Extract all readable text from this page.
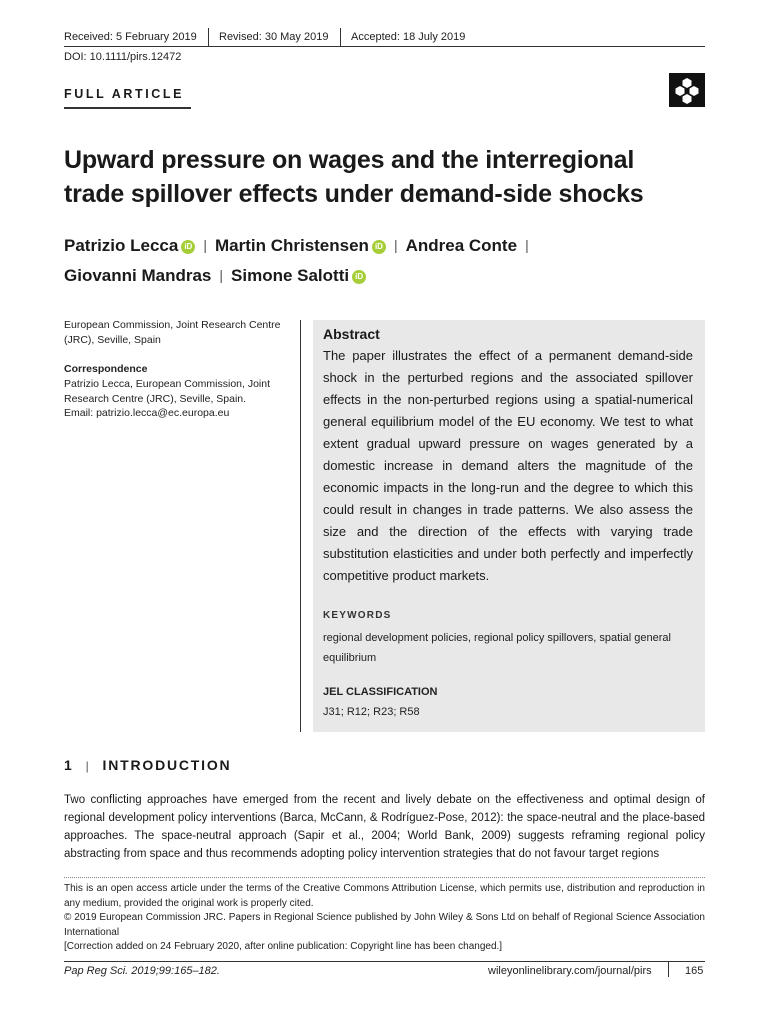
Received: 5 February 2019 Revised: 30 May 2019 Accepted: 18 July 2019
DOI: 10.1111/pirs.12472
FULL ARTICLE
Upward pressure on wages and the interregional
trade spillover effects under demand-side shocks
Patrizio Lecca iD | Martin Christensen iD | Andrea Conte |
Giovanni Mandras | Simone Salotti iD
European Commission, Joint Research Centre (JRC), Seville, Spain
Correspondence
Patrizio Lecca, European Commission, Joint Research Centre (JRC), Seville, Spain.
Email: patrizio.lecca@ec.europa.eu
Abstract
The paper illustrates the effect of a permanent demand-side shock in the perturbed regions and the associated spillover effects in the non-perturbed regions using a spatial-numerical general equilibrium model of the EU economy. We test to what extent gradual upward pressure on wages generated by a domestic increase in demand alters the magnitude of the economic impacts in the long-run and the degree to which this could result in changes in trade patterns. We also assess the size and the direction of the effects with varying trade substitution elasticities and under both perfectly and imperfectly competitive product markets.
KEYWORDS
regional development policies, regional policy spillovers, spatial general equilibrium
JEL CLASSIFICATION
J31; R12; R23; R58
1 | INTRODUCTION
Two conflicting approaches have emerged from the recent and lively debate on the effectiveness and optimal design of regional development policy interventions (Barca, McCann, & Rodríguez-Pose, 2012): the space-neutral and the place-based approaches. The space-neutral approach (Sapir et al., 2004; World Bank, 2009) suggests reframing regional policy abstracting from space and thus recommends adopting policy intervention strategies that do not favour target regions
This is an open access article under the terms of the Creative Commons Attribution License, which permits use, distribution and reproduction in any medium, provided the original work is properly cited.
© 2019 European Commission JRC. Papers in Regional Science published by John Wiley & Sons Ltd on behalf of Regional Science Association International
[Correction added on 24 February 2020, after online publication: Copyright line has been changed.]
Pap Reg Sci. 2019;99:165–182.	wileyonlinelibrary.com/journal/pirs	165
